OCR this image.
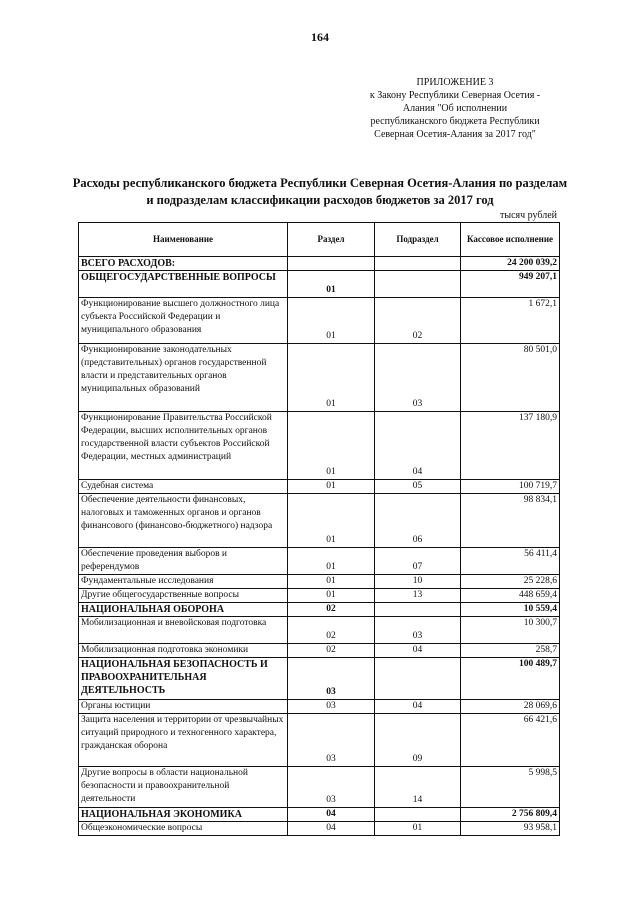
164
ПРИЛОЖЕНИЕ 3
к Закону Республики Северная Осетия -
Алания "Об исполнении
республиканского бюджета Республики
Северная Осетия-Алания за 2017 год"
Расходы республиканского бюджета Республики Северная Осетия-Алания по разделам и подразделам классификации расходов бюджетов за 2017 год
тысяч рублей
Наименование	Раздел	Подраздел	Кассовое исполнение
ВСЕГО РАСХОДОВ:			24 200 039,2
ОБЩЕГОСУДАРСТВЕННЫЕ ВОПРОСЫ	01		949 207,1
Функционирование высшего должностного лица субъекта Российской Федерации и муниципального образования	01	02	1 672,1
Функционирование законодательных (представительных) органов государственной власти и представительных органов муниципальных образований	01	03	80 501,0
Функционирование Правительства Российской Федерации, высших исполнительных органов государственной власти субъектов Российской Федерации, местных администраций	01	04	137 180,9
Судебная система	01	05	100 719,7
Обеспечение деятельности финансовых, налоговых и таможенных органов и органов финансового (финансово-бюджетного) надзора	01	06	98 834,1
Обеспечение проведения выборов и референдумов	01	07	56 411,4
Фундаментальные исследования	01	10	25 228,6
Другие общегосударственные вопросы	01	13	448 659,4
НАЦИОНАЛЬНАЯ ОБОРОНА	02		10 559,4
Мобилизационная и вневойсковая подготовка	02	03	10 300,7
Мобилизационная подготовка экономики	02	04	258,7
НАЦИОНАЛЬНАЯ БЕЗОПАСНОСТЬ И ПРАВООХРАНИТЕЛЬНАЯ ДЕЯТЕЛЬНОСТЬ	03		100 489,7
Органы юстиции	03	04	28 069,6
Защита населения и территории от чрезвычайных ситуаций природного и техногенного характера, гражданская оборона	03	09	66 421,6
Другие вопросы в области национальной безопасности и правоохранительной деятельности	03	14	5 998,5
НАЦИОНАЛЬНАЯ ЭКОНОМИКА	04		2 756 809,4
Общеэкономические вопросы	04	01	93 958,1
